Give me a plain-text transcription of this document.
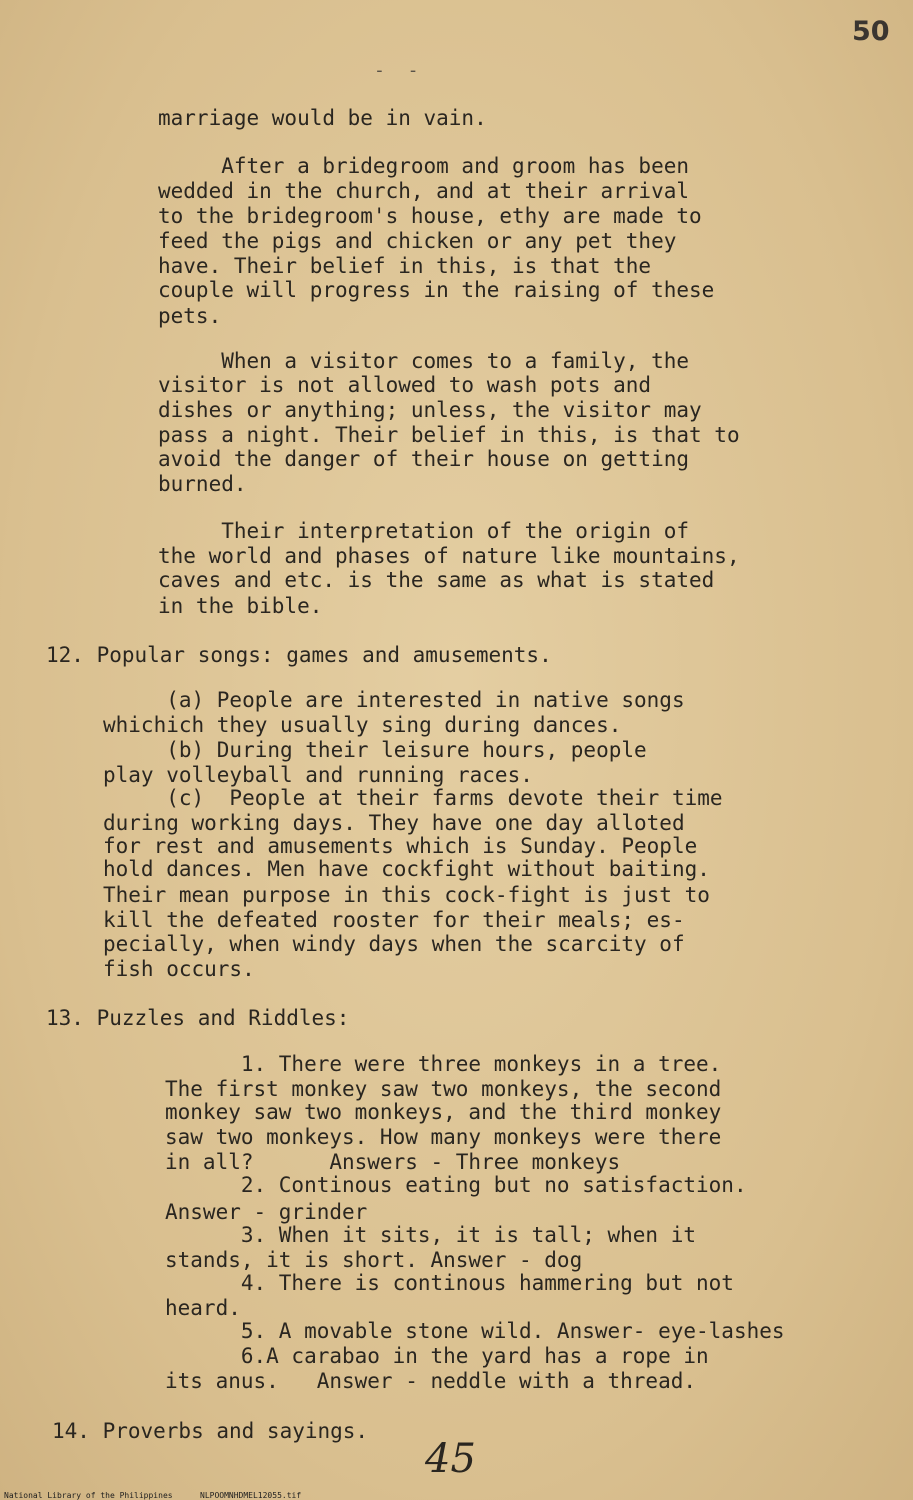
50
- -

marriage would be in vain.

After a bridegroom and groom has been

wedded in the church, and at their arrival

to the bridegroom's house, ethy are made to

feed the pigs and chicken or any pet they

have. Their belief in this, is that the

couple will progress in the raising of these

pets.

When a visitor comes to a family, the

visitor is not allowed to wash pots and

dishes or anything; unless, the visitor may

pass a night. Their belief in this, is that to

avoid the danger of their house on getting

burned.

Their interpretation of the origin of

the world and phases of nature like mountains,

caves and etc. is the same as what is stated

in the bible.

12. Popular songs: games and amusements.

(a) People are interested in native songs

whichich they usually sing during dances.

(b) During their leisure hours, people

play volleyball and running races.

(c)  People at their farms devote their time

during working days. They have one day alloted

for rest and amusements which is Sunday. People

hold dances. Men have cockfight without baiting.

Their mean purpose in this cock-fight is just to

kill the defeated rooster for their meals; es-

pecially, when windy days when the scarcity of

fish occurs.

13. Puzzles and Riddles:

1. There were three monkeys in a tree.

The first monkey saw two monkeys, the second

monkey saw two monkeys, and the third monkey

saw two monkeys. How many monkeys were there

in all?      Answers - Three monkeys

2. Continous eating but no satisfaction.

Answer - grinder

3. When it sits, it is tall; when it

stands, it is short. Answer - dog

4. There is continous hammering but not

heard.

5. A movable stone wild. Answer- eye-lashes

6.A carabao in the yard has a rope in

its anus.   Answer - neddle with a thread.

14. Proverbs and sayings.

45
National Library of the Philippines	NLPOOMNHDMEL12055.tif
